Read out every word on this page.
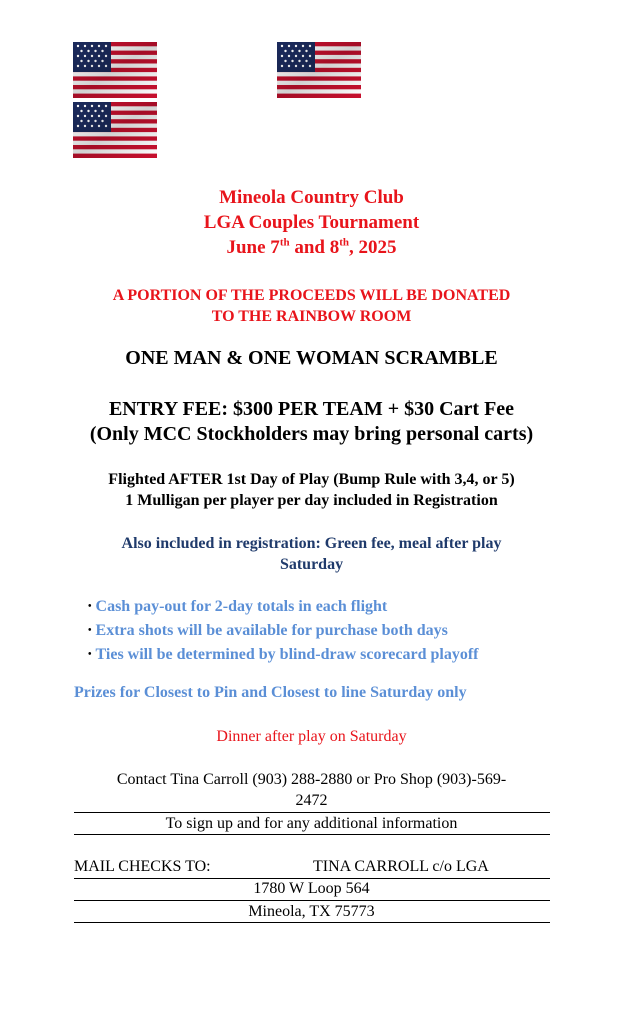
Mineola Country Club
LGA Couples Tournament
June 7th and 8th, 2025
A PORTION OF THE PROCEEDS WILL BE DONATED
TO THE RAINBOW ROOM
ONE MAN & ONE WOMAN SCRAMBLE
ENTRY FEE: $300 PER TEAM + $30 Cart Fee
(Only MCC Stockholders may bring personal carts)
Flighted AFTER 1st Day of Play (Bump Rule with 3,4, or 5)
1 Mulligan per player per day included in Registration
Also included in registration: Green fee, meal after play
Saturday
• Cash pay-out for 2-day totals in each flight
• Extra shots will be available for purchase both days
• Ties will be determined by blind-draw scorecard playoff
Prizes for Closest to Pin and Closest to line Saturday only
Dinner after play on Saturday
Contact Tina Carroll (903) 288-2880 or Pro Shop (903)-569-
2472
To sign up and for any additional information
MAIL CHECKS TO:	TINA CARROLL c/o LGA
1780 W Loop 564
Mineola, TX 75773
